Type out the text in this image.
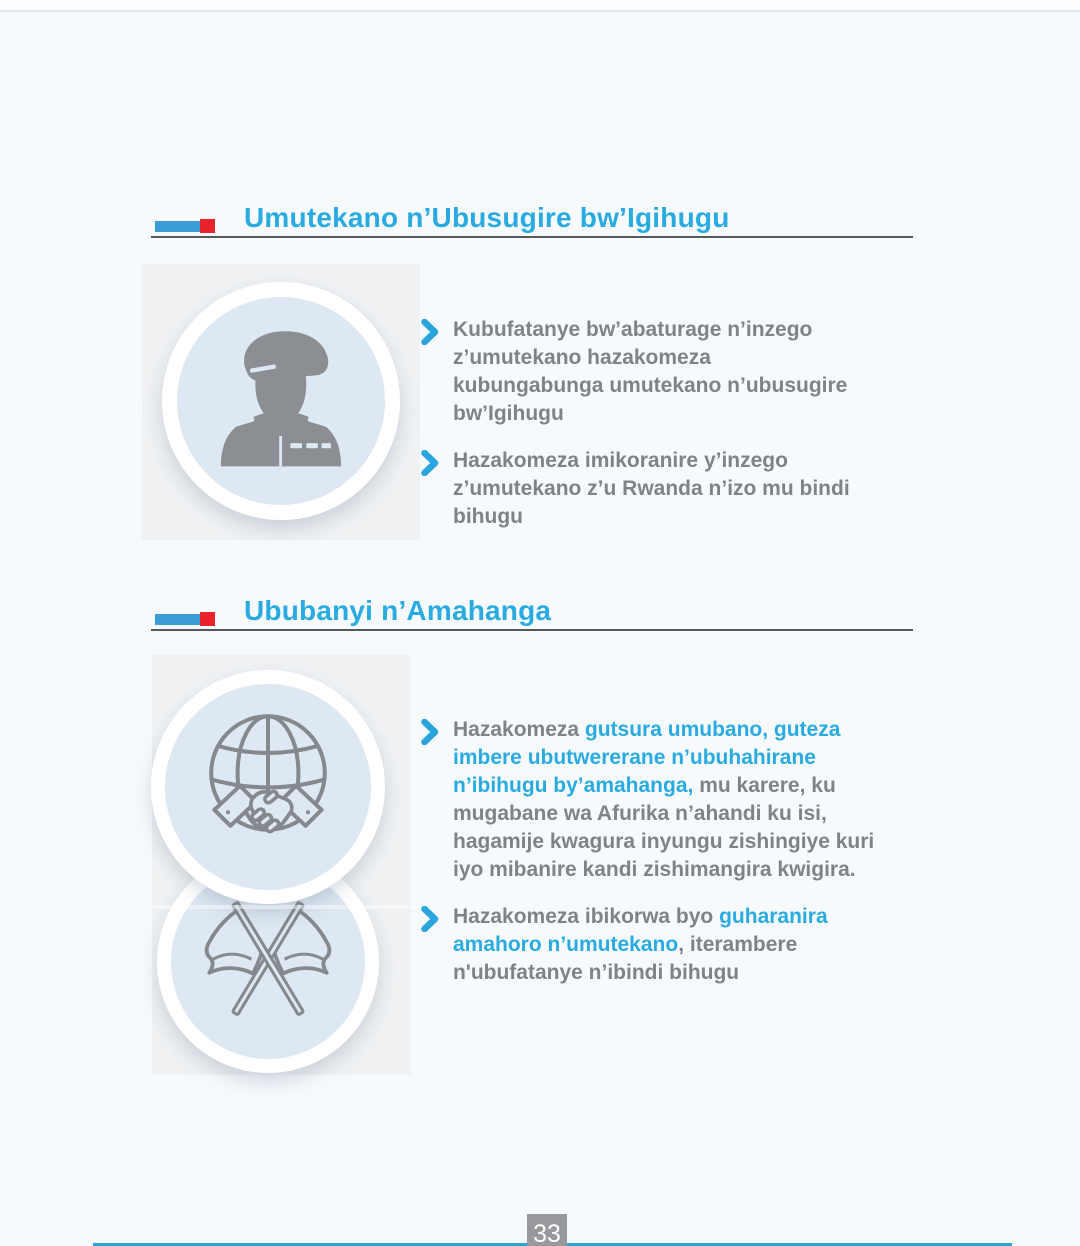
Umutekano n’Ubusugire bw’Igihugu
Kubufatanye bw’abaturage n’inzego
z’umutekano hazakomeza
kubungabunga umutekano n’ubusugire
bw’Igihugu
Hazakomeza imikoranire y’inzego
z’umutekano z’u Rwanda n’izo mu bindi
bihugu
Ububanyi n’Amahanga
Hazakomeza gutsura umubano, guteza
imbere ubutwererane n’ubuhahirane
n’ibihugu by’amahanga, mu karere, ku
mugabane wa Afurika n’ahandi ku isi,
hagamije kwagura inyungu zishingiye kuri
iyo mibanire kandi zishimangira kwigira.
Hazakomeza ibikorwa byo guharanira
amahoro n’umutekano, iterambere
n'ubufatanye n’ibindi bihugu
33
